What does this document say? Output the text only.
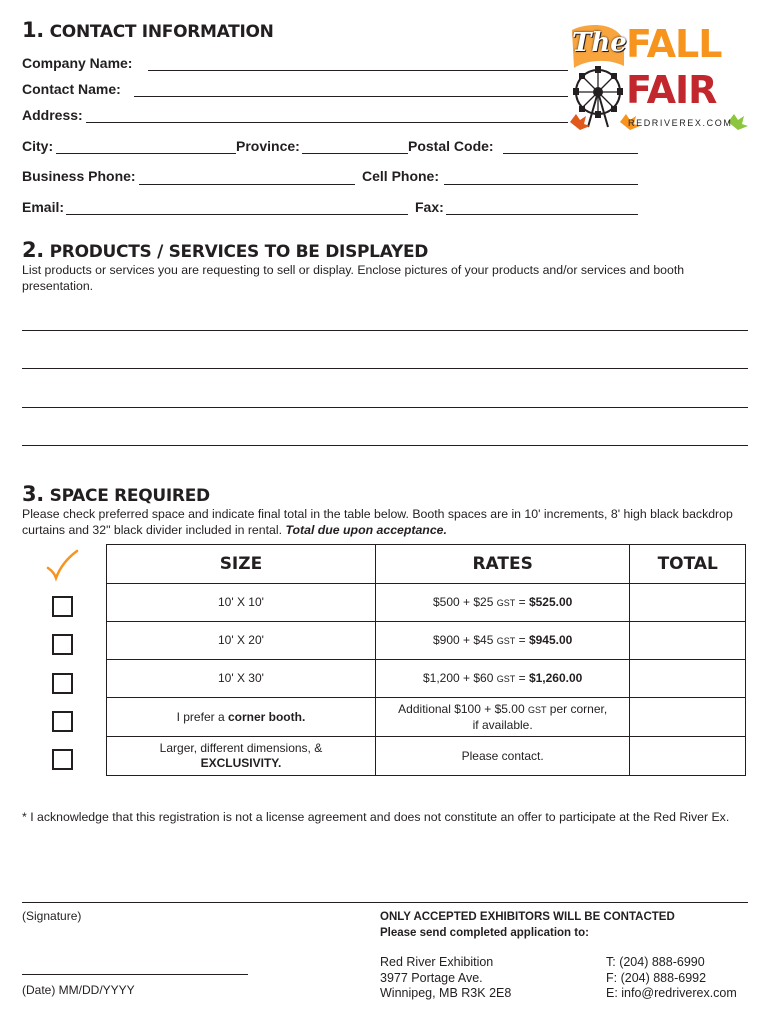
1. CONTACT INFORMATION
Company Name:
Contact Name:
Address:
City:	Province:	Postal Code:
Business Phone:	Cell Phone:
Email:	Fax:
The FALL
FAIR
REDRIVEREX.COM
2. PRODUCTS / SERVICES TO BE DISPLAYED
List products or services you are requesting to sell or display. Enclose pictures of your products and/or services and booth presentation.
3. SPACE REQUIRED
Please check preferred space and indicate final total in the table below. Booth spaces are in 10' increments, 8' high black backdrop curtains and 32" black divider included in rental. Total due upon acceptance.
SIZE	RATES	TOTAL
10' X 10'	$500 + $25 GST = $525.00	
10' X 20'	$900 + $45 GST = $945.00	
10' X 30'	$1,200 + $60 GST = $1,260.00	
I prefer a corner booth.	Additional $100 + $5.00 GST per corner,
if available.	
Larger, different dimensions, &
EXCLUSIVITY.	Please contact.	
* I acknowledge that this registration is not a license agreement and does not constitute an offer to participate at the Red River Ex.
(Signature)
(Date) MM/DD/YYYY
ONLY ACCEPTED EXHIBITORS WILL BE CONTACTED
Please send completed application to:
Red River Exhibition
3977 Portage Ave.
Winnipeg, MB R3K 2E8
T: (204) 888-6990
F: (204) 888-6992
E: info@redriverex.com
